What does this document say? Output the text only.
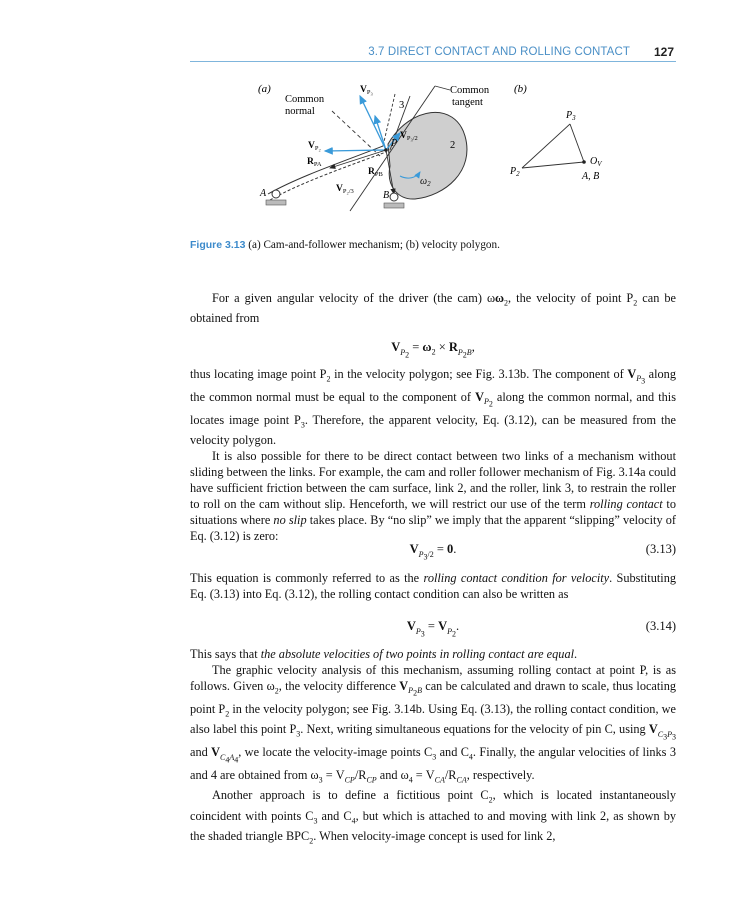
3.7 DIRECT CONTACT AND ROLLING CONTACT 127
(a)
Common
normal
Common
tangent
(b)
3
2
P
A	B
$\omega_2$
$V_{P_3}$
$V_{P_3/2}$
$V_{P_2}$
$R_{PA}$
$R_{PB}$
$V_{P_2/3}$
$P_3$
$P_2$
$O_V$
A, B
Figure 3.13 (a) Cam-and-follower mechanism; (b) velocity polygon.

For a given angular velocity of the driver (the cam) $\omega\omega_2$, the velocity of point $P_2$ can be obtained from

$V_{P_2} = \omega_2 \times R_{P_2B}$,

thus locating image point $P_2$ in the velocity polygon; see Fig. 3.13b. The component of $V_{P_3}$ along the common normal must be equal to the component of $V_{P_2}$ along the common normal, and this locates image point $P_3$. Therefore, the apparent velocity, Eq. (3.12), can be measured from the velocity polygon.

It is also possible for there to be direct contact between two links of a mechanism without sliding between the links. For example, the cam and roller follower mechanism of Fig. 3.14a could have sufficient friction between the cam surface, link 2, and the roller, link 3, to restrain the roller to roll on the cam without slip. Henceforth, we will restrict our use of the term rolling contact to situations where no slip takes place. By “no slip” we imply that the apparent “slipping” velocity of Eq. (3.12) is zero:

$V_{P_3/2} = 0$.	(3.13)

This equation is commonly referred to as the rolling contact condition for velocity. Substituting Eq. (3.13) into Eq. (3.12), the rolling contact condition can also be written as

$V_{P_3} = V_{P_2}$.	(3.14)

This says that the absolute velocities of two points in rolling contact are equal.

The graphic velocity analysis of this mechanism, assuming rolling contact at point P, is as follows. Given $\omega_2$, the velocity difference $V_{P_2B}$ can be calculated and drawn to scale, thus locating point $P_2$ in the velocity polygon; see Fig. 3.14b. Using Eq. (3.13), the rolling contact condition, we also label this point $P_3$. Next, writing simultaneous equations for the velocity of pin C, using $V_{C_3P_3}$ and $V_{C_4A_4}$, we locate the velocity-image points $C_3$ and $C_4$. Finally, the angular velocities of links 3 and 4 are obtained from $\omega_3 = V_{CP}/R_{CP}$ and $\omega_4 = V_{CA}/R_{CA}$, respectively.

Another approach is to define a fictitious point $C_2$, which is located instantaneously coincident with points $C_3$ and $C_4$, but which is attached to and moving with link 2, as shown by the shaded triangle $BPC_2$. When velocity-image concept is used for link 2,
